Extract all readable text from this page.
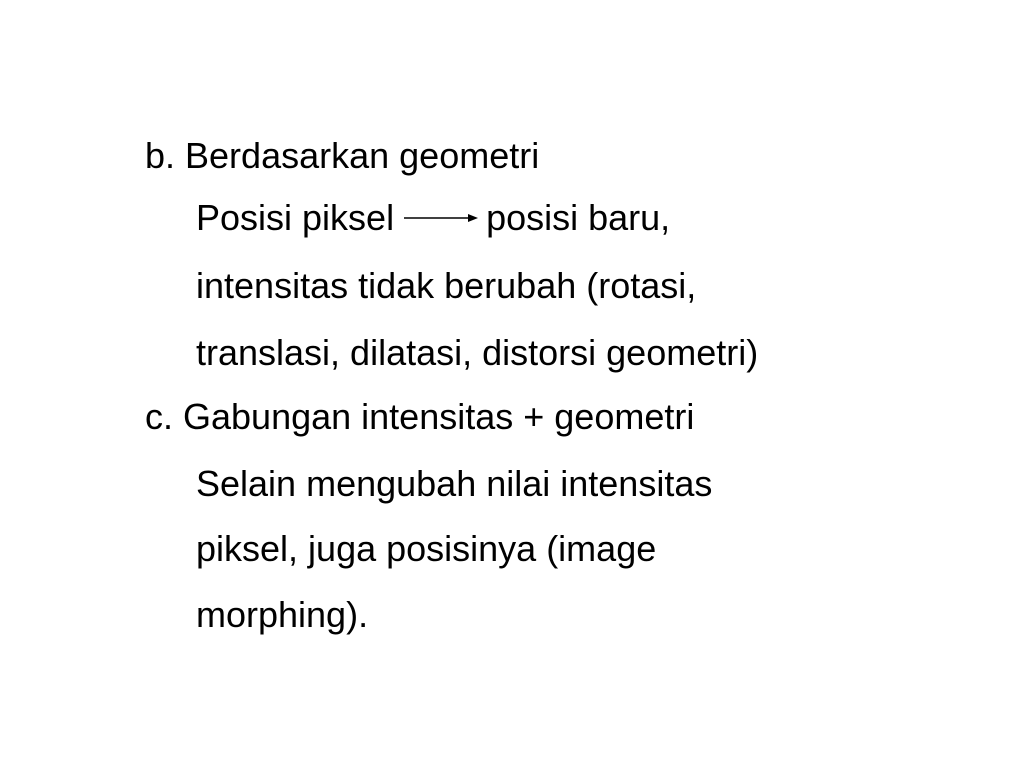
b. Berdasarkan geometri
Posisi piksel	posisi baru,
intensitas tidak berubah (rotasi,
translasi, dilatasi, distorsi geometri)
c. Gabungan intensitas + geometri
Selain mengubah nilai intensitas
piksel, juga posisinya (image
morphing).
